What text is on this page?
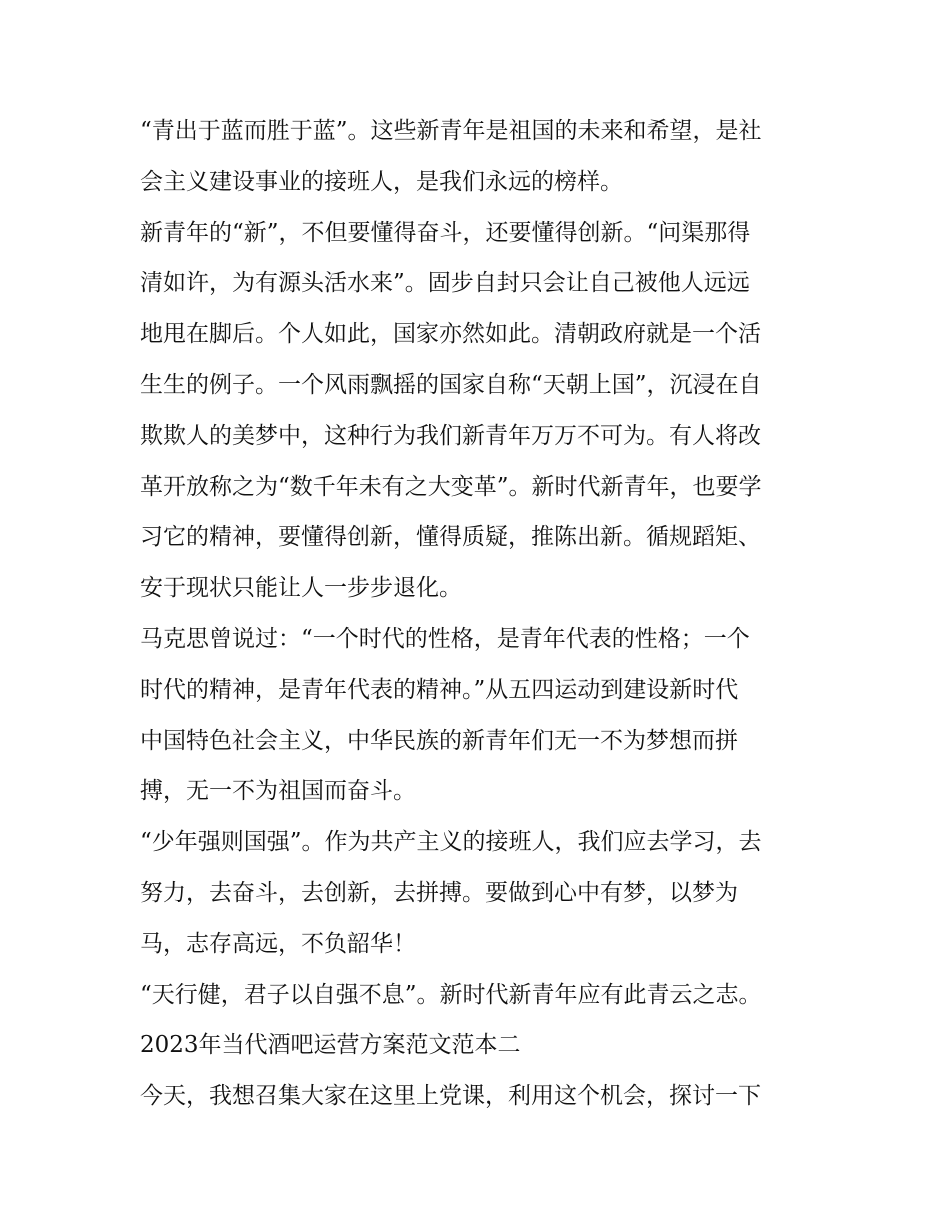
“青出于蓝而胜于蓝”。这些新青年是祖国的未来和希望，是社
会主义建设事业的接班人，是我们永远的榜样。
新青年的“新”，不但要懂得奋斗，还要懂得创新。“问渠那得
清如许，为有源头活水来”。固步自封只会让自己被他人远远
地甩在脚后。个人如此，国家亦然如此。清朝政府就是一个活
生生的例子。一个风雨飘摇的国家自称“天朝上国”，沉浸在自
欺欺人的美梦中，这种行为我们新青年万万不可为。有人将改
革开放称之为“数千年未有之大变革”。新时代新青年，也要学
习它的精神，要懂得创新，懂得质疑，推陈出新。循规蹈矩、
安于现状只能让人一步步退化。
马克思曾说过：“一个时代的性格，是青年代表的性格；一个
时代的精神，是青年代表的精神。”从五四运动到建设新时代
中国特色社会主义，中华民族的新青年们无一不为梦想而拼
搏，无一不为祖国而奋斗。
“少年强则国强”。作为共产主义的接班人，我们应去学习，去
努力，去奋斗，去创新，去拼搏。要做到心中有梦，以梦为
马，志存高远，不负韶华！
“天行健，君子以自强不息”。新时代新青年应有此青云之志。
2023年当代酒吧运营方案范文范本二
今天，我想召集大家在这里上党课，利用这个机会，探讨一下
